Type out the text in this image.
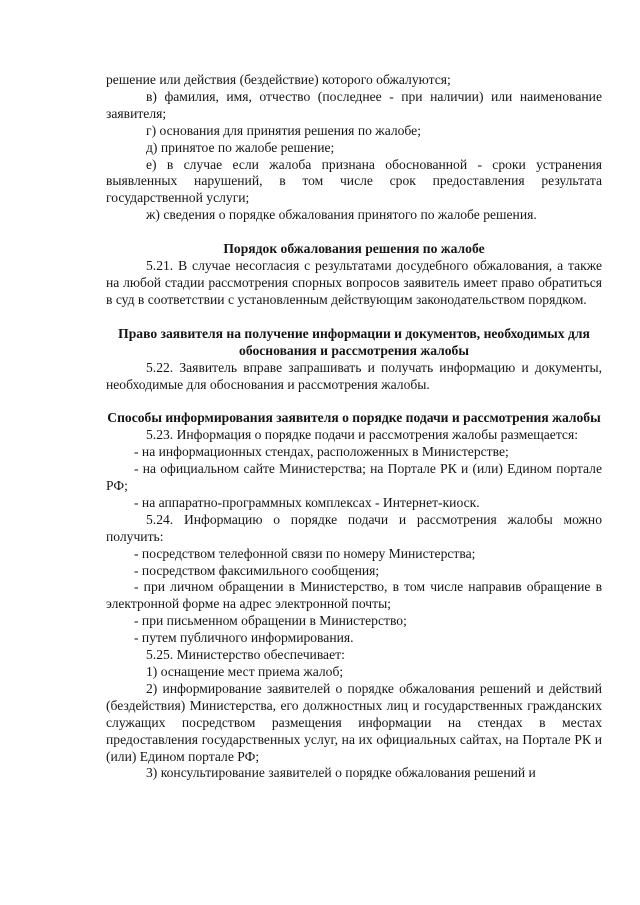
решение или действия (бездействие) которого обжалуются;

в) фамилия, имя, отчество (последнее - при наличии) или наименование заявителя;

г) основания для принятия решения по жалобе;

д) принятое по жалобе решение;

е) в случае если жалоба признана обоснованной - сроки устранения выявленных нарушений, в том числе срок предоставления результата государственной услуги;

ж) сведения о порядке обжалования принятого по жалобе решения.

Порядок обжалования решения по жалобе

5.21. В случае несогласия с результатами досудебного обжалования, а также на любой стадии рассмотрения спорных вопросов заявитель имеет право обратиться в суд в соответствии с установленным действующим законодательством порядком.

Право заявителя на получение информации и документов, необходимых для обоснования и рассмотрения жалобы

5.22. Заявитель вправе запрашивать и получать информацию и документы, необходимые для обоснования и рассмотрения жалобы.

Способы информирования заявителя о порядке подачи и рассмотрения жалобы

5.23. Информация о порядке подачи и рассмотрения жалобы размещается:

- на информационных стендах, расположенных в Министерстве;

- на официальном сайте Министерства; на Портале РК и (или) Едином портале РФ;

- на аппаратно-программных комплексах - Интернет-киоск.

5.24. Информацию о порядке подачи и рассмотрения жалобы можно получить:

- посредством телефонной связи по номеру Министерства;

- посредством факсимильного сообщения;

- при личном обращении в Министерство, в том числе направив обращение в электронной форме на адрес электронной почты;

- при письменном обращении в Министерство;

- путем публичного информирования.

5.25. Министерство обеспечивает:

1) оснащение мест приема жалоб;

2) информирование заявителей о порядке обжалования решений и действий (бездействия) Министерства, его должностных лиц и государственных гражданских служащих посредством размещения информации на стендах в местах предоставления государственных услуг, на их официальных сайтах, на Портале РК и (или) Едином портале РФ;

3) консультирование заявителей о порядке обжалования решений и
